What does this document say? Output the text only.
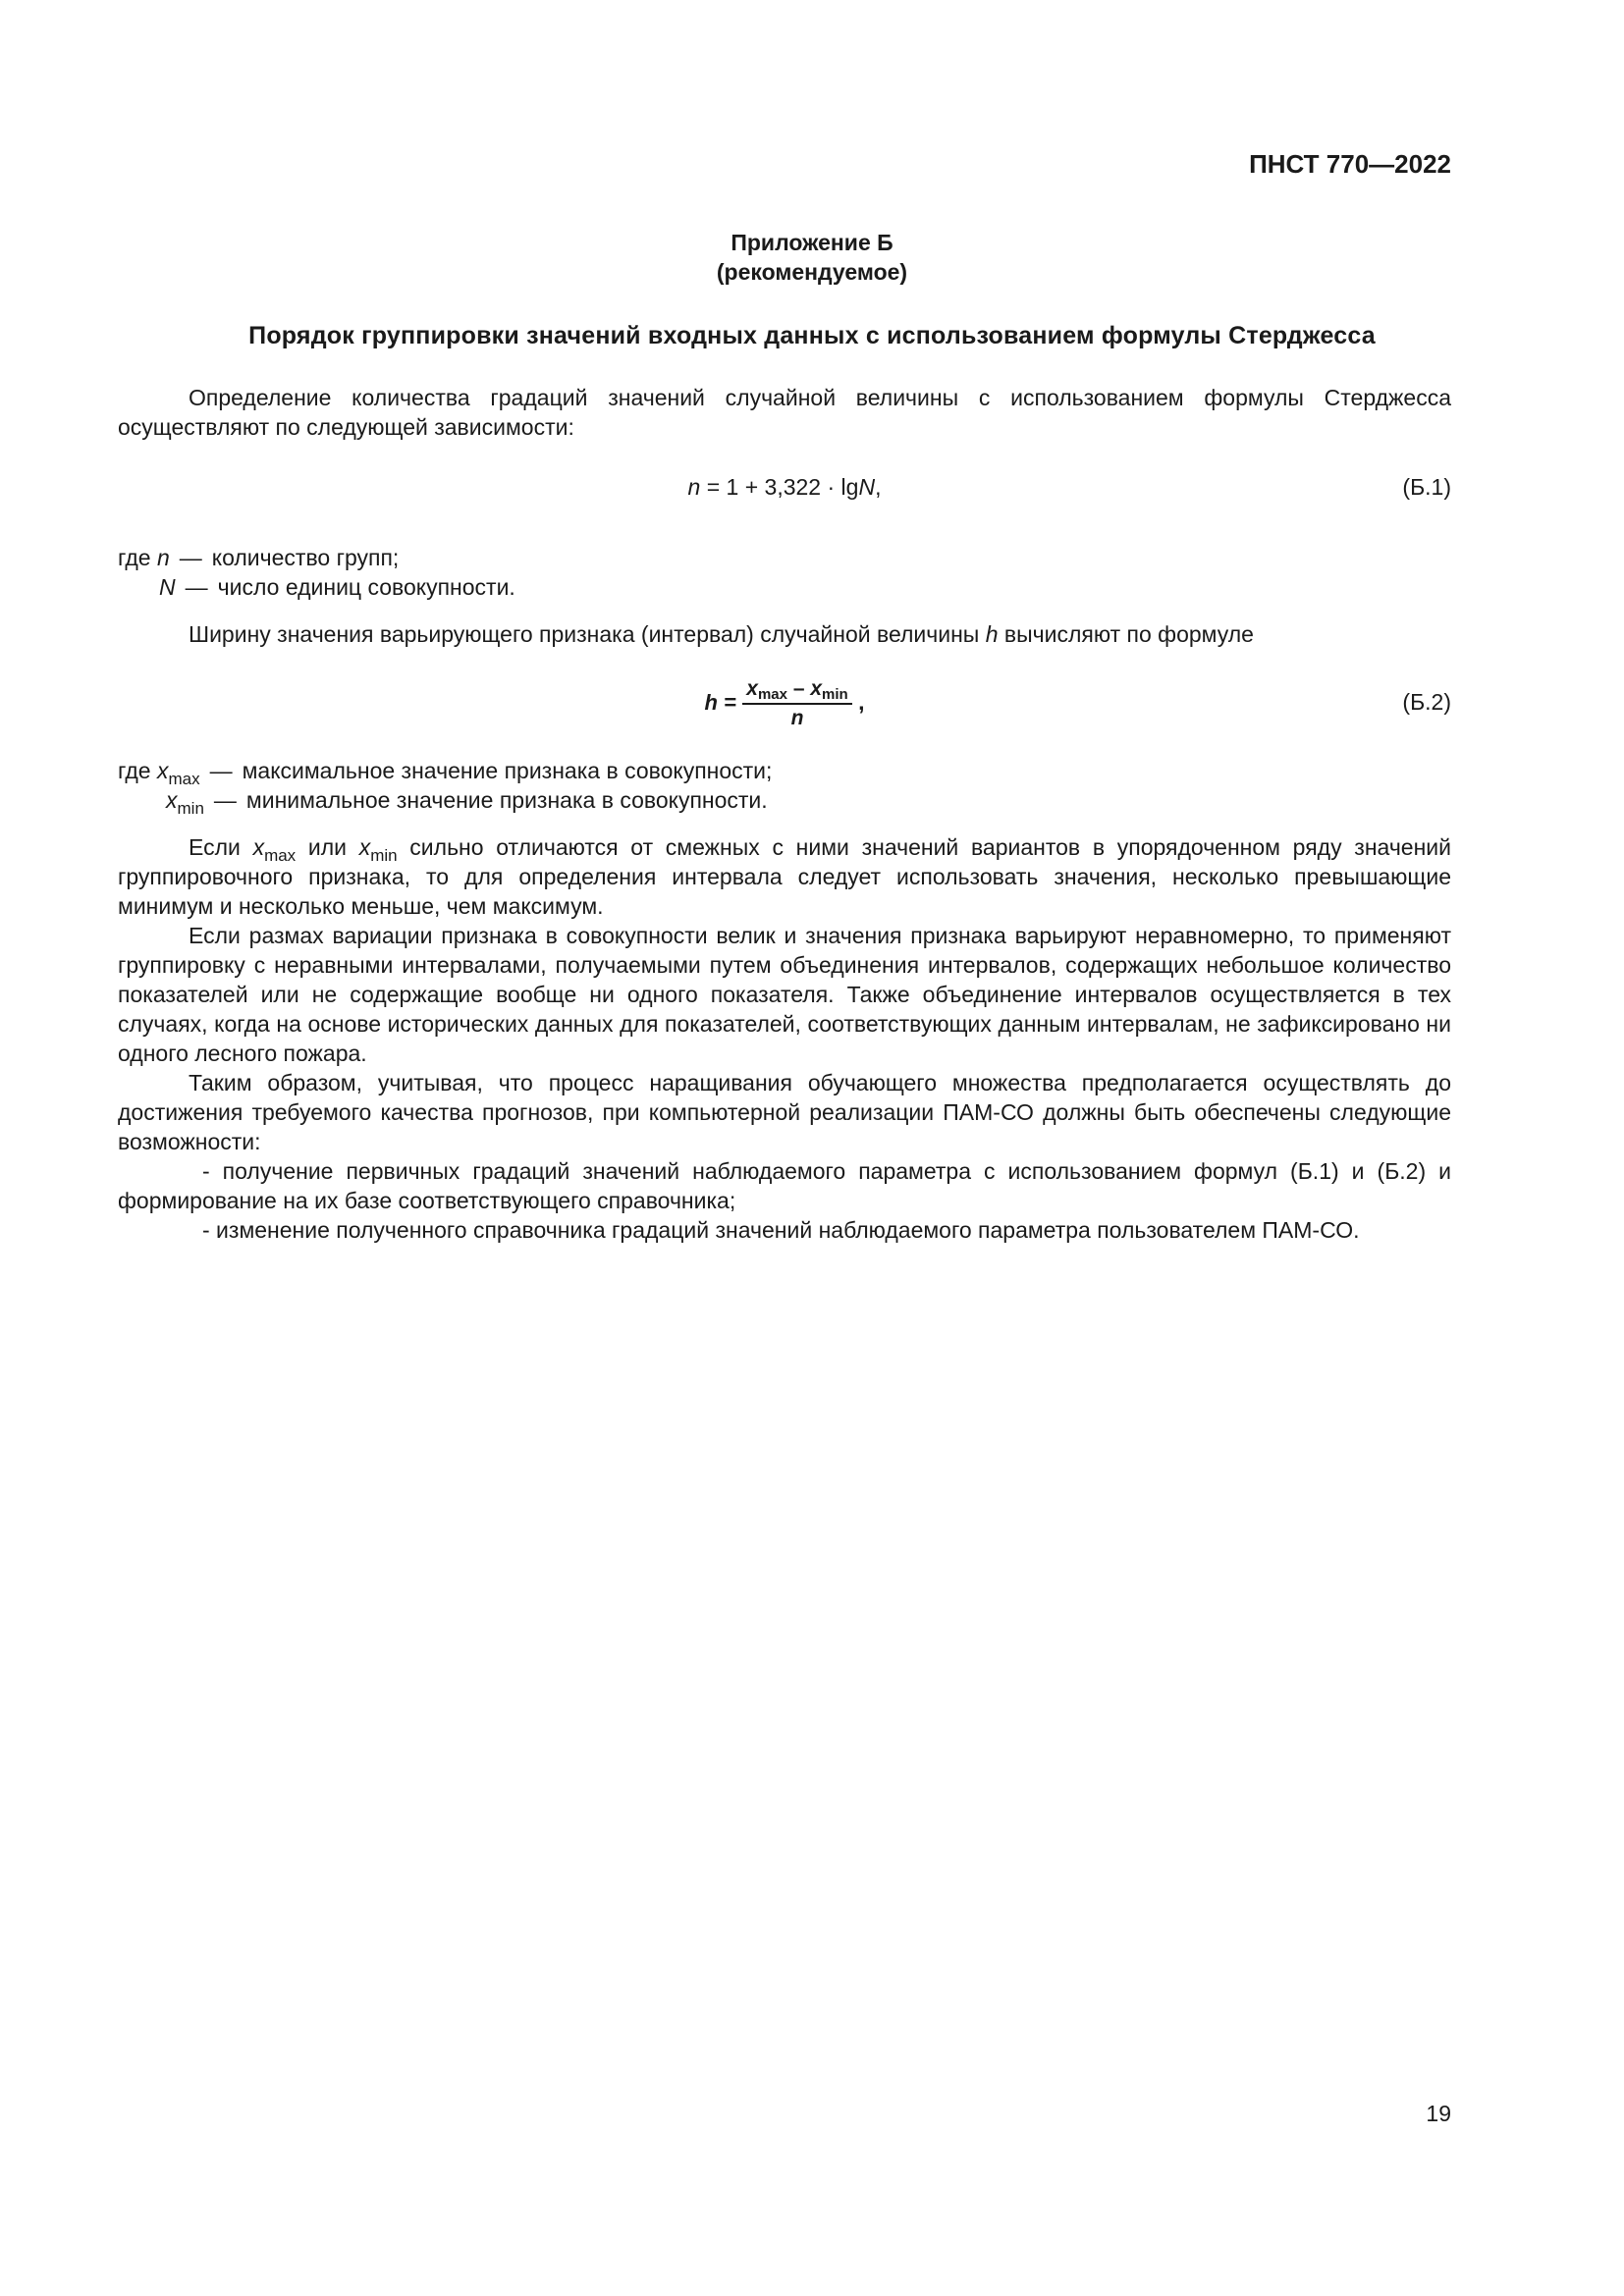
ПНСТ 770—2022
Приложение Б
(рекомендуемое)
Порядок группировки значений входных данных с использованием формулы Стерджесса

Определение количества градаций значений случайной величины с использованием формулы Стерджесса осуществляют по следующей зависимости:

n = 1 + 3,322 · lgN,	(Б.1)
где n — количество групп;
N — число единиц совокупности.

Ширину значения варьирующего признака (интервал) случайной величины h вычисляют по формуле

$h = \frac{x_{max} - x_{min}}{n}$ ,	(Б.2)
где $x_{max}$ — максимальное значение признака в совокупности;
$x_{min}$ — минимальное значение признака в совокупности.

Если $x_{max}$ или $x_{min}$ сильно отличаются от смежных с ними значений вариантов в упорядоченном ряду значений группировочного признака, то для определения интервала следует использовать значения, несколько превышающие минимум и несколько меньше, чем максимум.

Если размах вариации признака в совокупности велик и значения признака варьируют неравномерно, то применяют группировку с неравными интервалами, получаемыми путем объединения интервалов, содержащих небольшое количество показателей или не содержащие вообще ни одного показателя. Также объединение интервалов осуществляется в тех случаях, когда на основе исторических данных для показателей, соответствующих данным интервалам, не зафиксировано ни одного лесного пожара.

Таким образом, учитывая, что процесс наращивания обучающего множества предполагается осуществлять до достижения требуемого качества прогнозов, при компьютерной реализации ПАМ-СО должны быть обеспечены следующие возможности:

- получение первичных градаций значений наблюдаемого параметра с использованием формул (Б.1) и (Б.2) и формирование на их базе соответствующего справочника;

- изменение полученного справочника градаций значений наблюдаемого параметра пользователем ПАМ-СО.

19
